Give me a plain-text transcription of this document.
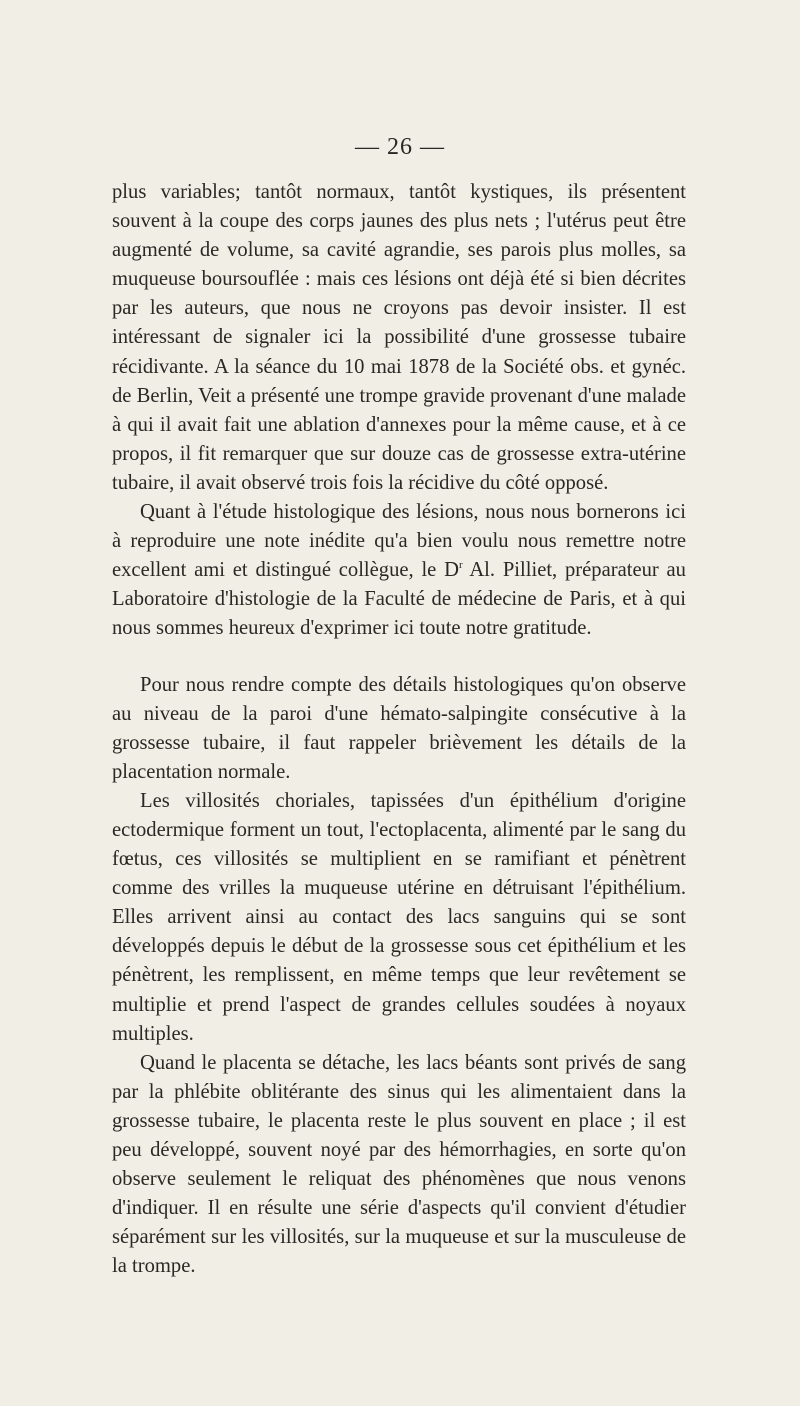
— 26 —

plus variables; tantôt normaux, tantôt kystiques, ils présentent souvent à la coupe des corps jaunes des plus nets ; l'utérus peut être augmenté de volume, sa cavité agrandie, ses parois plus molles, sa muqueuse boursouflée : mais ces lésions ont déjà été si bien décrites par les auteurs, que nous ne croyons pas devoir insister. Il est intéressant de signaler ici la possibilité d'une grossesse tubaire récidivante. A la séance du 10 mai 1878 de la Société obs. et gynéc. de Berlin, Veit a présenté une trompe gravide provenant d'une malade à qui il avait fait une ablation d'annexes pour la même cause, et à ce propos, il fit remarquer que sur douze cas de grossesse extra-utérine tubaire, il avait observé trois fois la récidive du côté opposé.

Quant à l'étude histologique des lésions, nous nous bornerons ici à reproduire une note inédite qu'a bien voulu nous remettre notre excellent ami et distingué collègue, le $D^r$ Al. Pilliet, préparateur au Laboratoire d'histologie de la Faculté de médecine de Paris, et à qui nous sommes heureux d'exprimer ici toute notre gratitude.

Pour nous rendre compte des détails histologiques qu'on observe au niveau de la paroi d'une hémato-salpingite consécutive à la grossesse tubaire, il faut rappeler brièvement les détails de la placentation normale.

Les villosités choriales, tapissées d'un épithélium d'origine ectodermique forment un tout, l'ectoplacenta, alimenté par le sang du fœtus, ces villosités se multiplient en se ramifiant et pénètrent comme des vrilles la muqueuse utérine en détruisant l'épithélium. Elles arrivent ainsi au contact des lacs sanguins qui se sont développés depuis le début de la grossesse sous cet épithélium et les pénètrent, les remplissent, en même temps que leur revêtement se multiplie et prend l'aspect de grandes cellules soudées à noyaux multiples.

Quand le placenta se détache, les lacs béants sont privés de sang par la phlébite oblitérante des sinus qui les alimentaient dans la grossesse tubaire, le placenta reste le plus souvent en place ; il est peu développé, souvent noyé par des hémorrhagies, en sorte qu'on observe seulement le reliquat des phénomènes que nous venons d'indiquer. Il en résulte une série d'aspects qu'il convient d'étudier séparément sur les villosités, sur la muqueuse et sur la musculeuse de la trompe.
